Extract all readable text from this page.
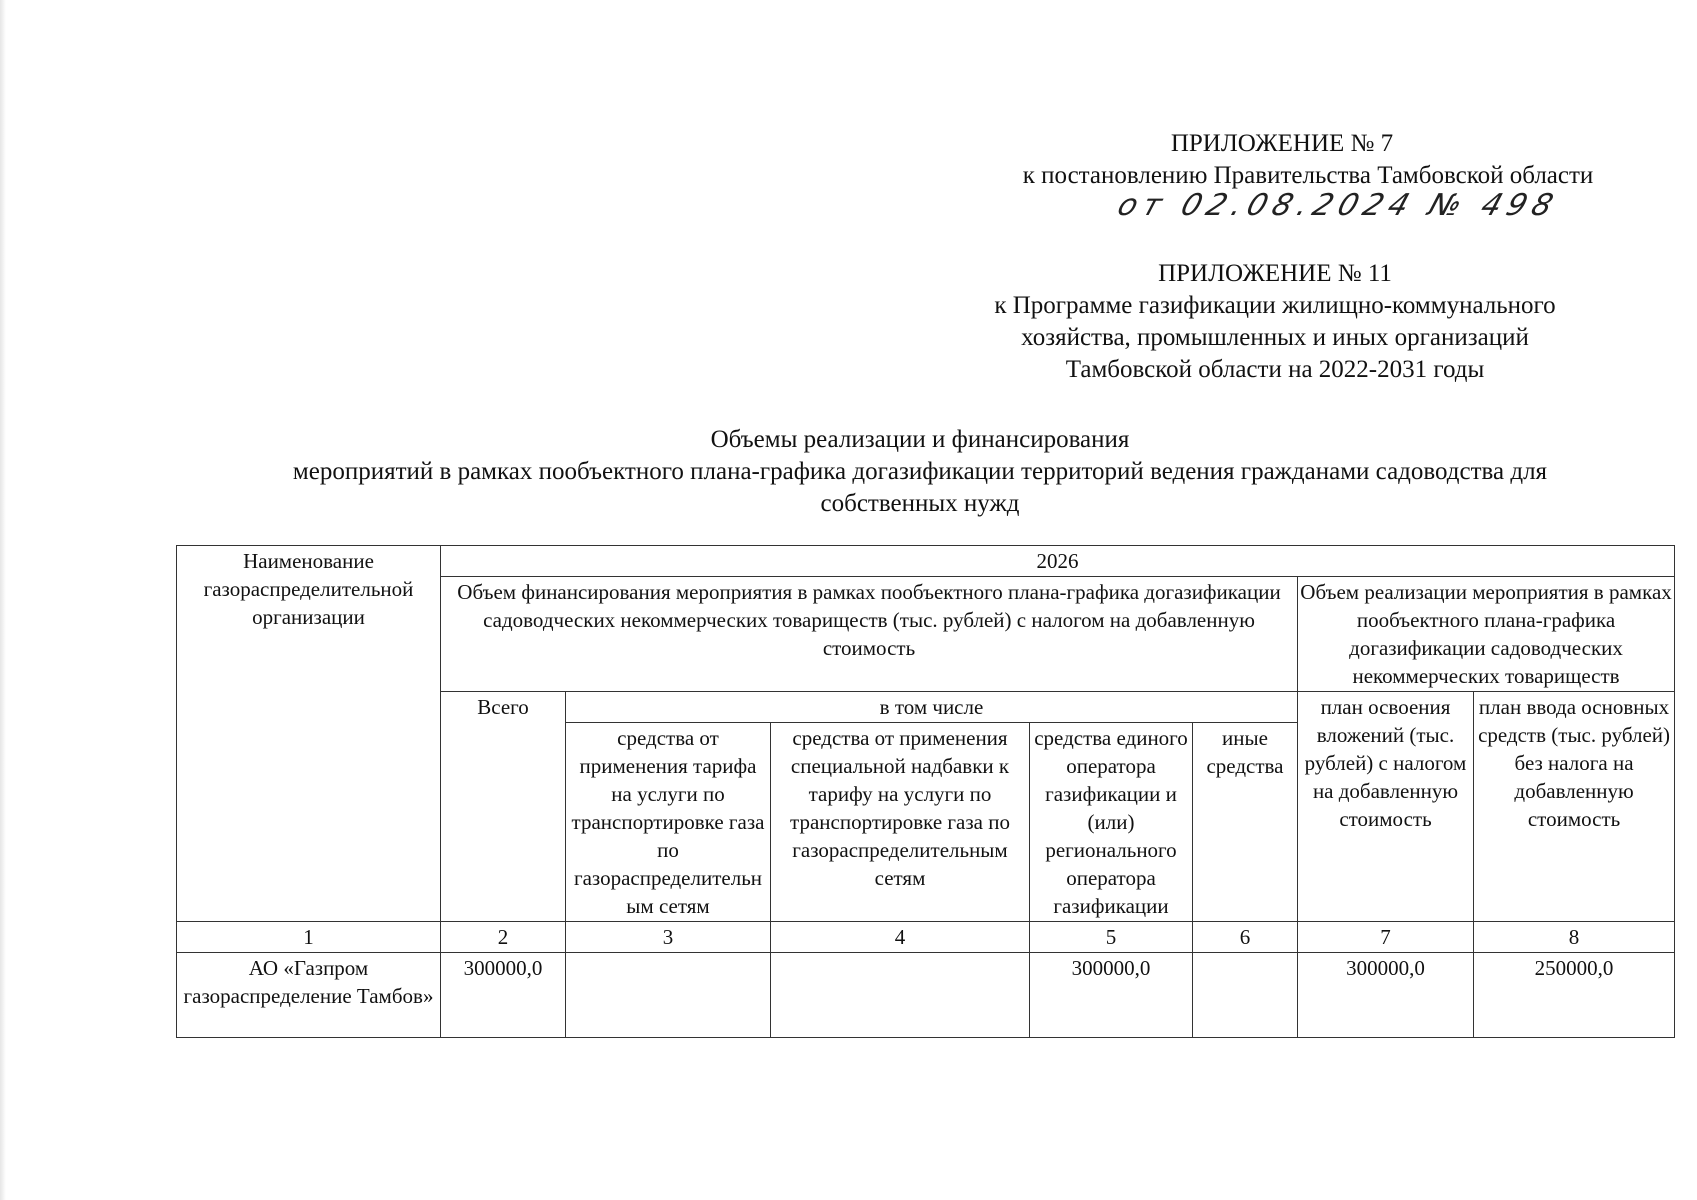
ПРИЛОЖЕНИЕ № 7
к постановлению Правительства Тамбовской области
от 02.08.2024 № 498
ПРИЛОЖЕНИЕ № 11
к Программе газификации жилищно-коммунального
хозяйства, промышленных и иных организаций
Тамбовской области на 2022-2031 годы
Объемы реализации и финансирования
мероприятий в рамках пообъектного плана-графика догазификации территорий ведения гражданами садоводства для
собственных нужд
Наименование газораспределительной организации	2026						
	Объем финансирования мероприятия в рамках пообъектного плана-графика догазификации садоводческих некоммерческих товариществ (тыс. рублей) с налогом на добавленную стоимость					Объем реализации мероприятия в рамках пообъектного плана-графика догазификации садоводческих некоммерческих товариществ	
	Всего	в том числе				план освоения вложений (тыс. рублей) с налогом на добавленную стоимость	план ввода основных средств (тыс. рублей) без налога на добавленную стоимость
		средства от применения тарифа на услуги по транспортировке газа по газораспределительным сетям	средства от применения специальной надбавки к тарифу на услуги по транспортировке газа по газораспределительным сетям	средства единого оператора газификации и (или) регионального оператора газификации	иные средства		
1	2	3	4	5	6	7	8
АО «Газпром газораспределение Тамбов»	300000,0			300000,0		300000,0	250000,0
